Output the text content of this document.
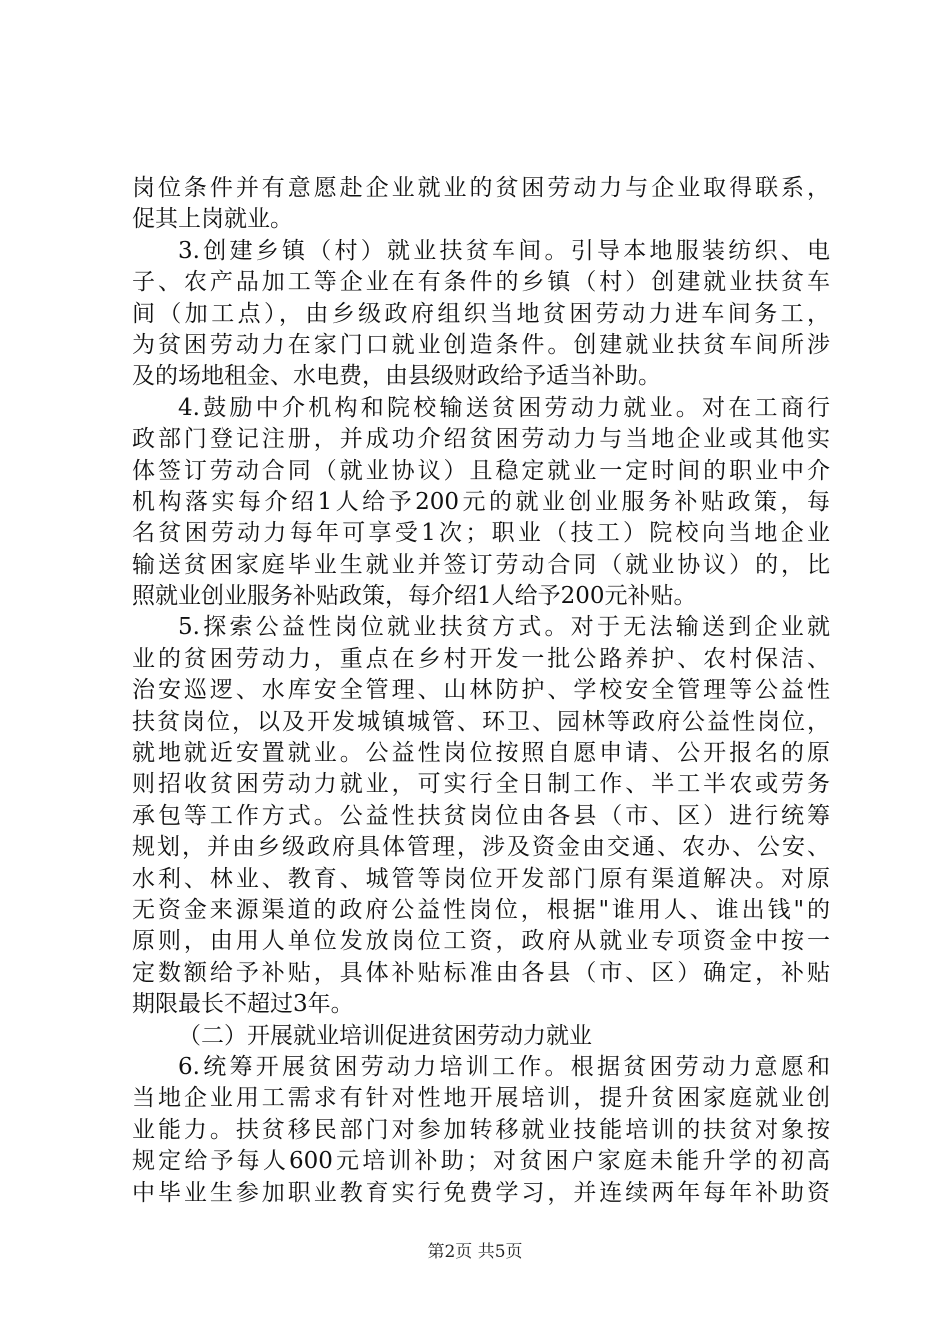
岗位条件并有意愿赴企业就业的贫困劳动力与企业取得联系，
促其上岗就业。
3.创建乡镇（村）就业扶贫车间。引导本地服装纺织、电
子、农产品加工等企业在有条件的乡镇（村）创建就业扶贫车
间（加工点），由乡级政府组织当地贫困劳动力进车间务工，
为贫困劳动力在家门口就业创造条件。创建就业扶贫车间所涉
及的场地租金、水电费，由县级财政给予适当补助。
4.鼓励中介机构和院校输送贫困劳动力就业。对在工商行
政部门登记注册，并成功介绍贫困劳动力与当地企业或其他实
体签订劳动合同（就业协议）且稳定就业一定时间的职业中介
机构落实每介绍1人给予200元的就业创业服务补贴政策，每
名贫困劳动力每年可享受1次；职业（技工）院校向当地企业
输送贫困家庭毕业生就业并签订劳动合同（就业协议）的，比
照就业创业服务补贴政策，每介绍1人给予200元补贴。
5.探索公益性岗位就业扶贫方式。对于无法输送到企业就
业的贫困劳动力，重点在乡村开发一批公路养护、农村保洁、
治安巡逻、水库安全管理、山林防护、学校安全管理等公益性
扶贫岗位，以及开发城镇城管、环卫、园林等政府公益性岗位，
就地就近安置就业。公益性岗位按照自愿申请、公开报名的原
则招收贫困劳动力就业，可实行全日制工作、半工半农或劳务
承包等工作方式。公益性扶贫岗位由各县（市、区）进行统筹
规划，并由乡级政府具体管理，涉及资金由交通、农办、公安、
水利、林业、教育、城管等岗位开发部门原有渠道解决。对原
无资金来源渠道的政府公益性岗位，根据"谁用人、谁出钱"的
原则，由用人单位发放岗位工资，政府从就业专项资金中按一
定数额给予补贴，具体补贴标准由各县（市、区）确定，补贴
期限最长不超过3年。
（二）开展就业培训促进贫困劳动力就业
6.统筹开展贫困劳动力培训工作。根据贫困劳动力意愿和
当地企业用工需求有针对性地开展培训，提升贫困家庭就业创
业能力。扶贫移民部门对参加转移就业技能培训的扶贫对象按
规定给予每人600元培训补助；对贫困户家庭未能升学的初高
中毕业生参加职业教育实行免费学习，并连续两年每年补助资
第2页 共5页
